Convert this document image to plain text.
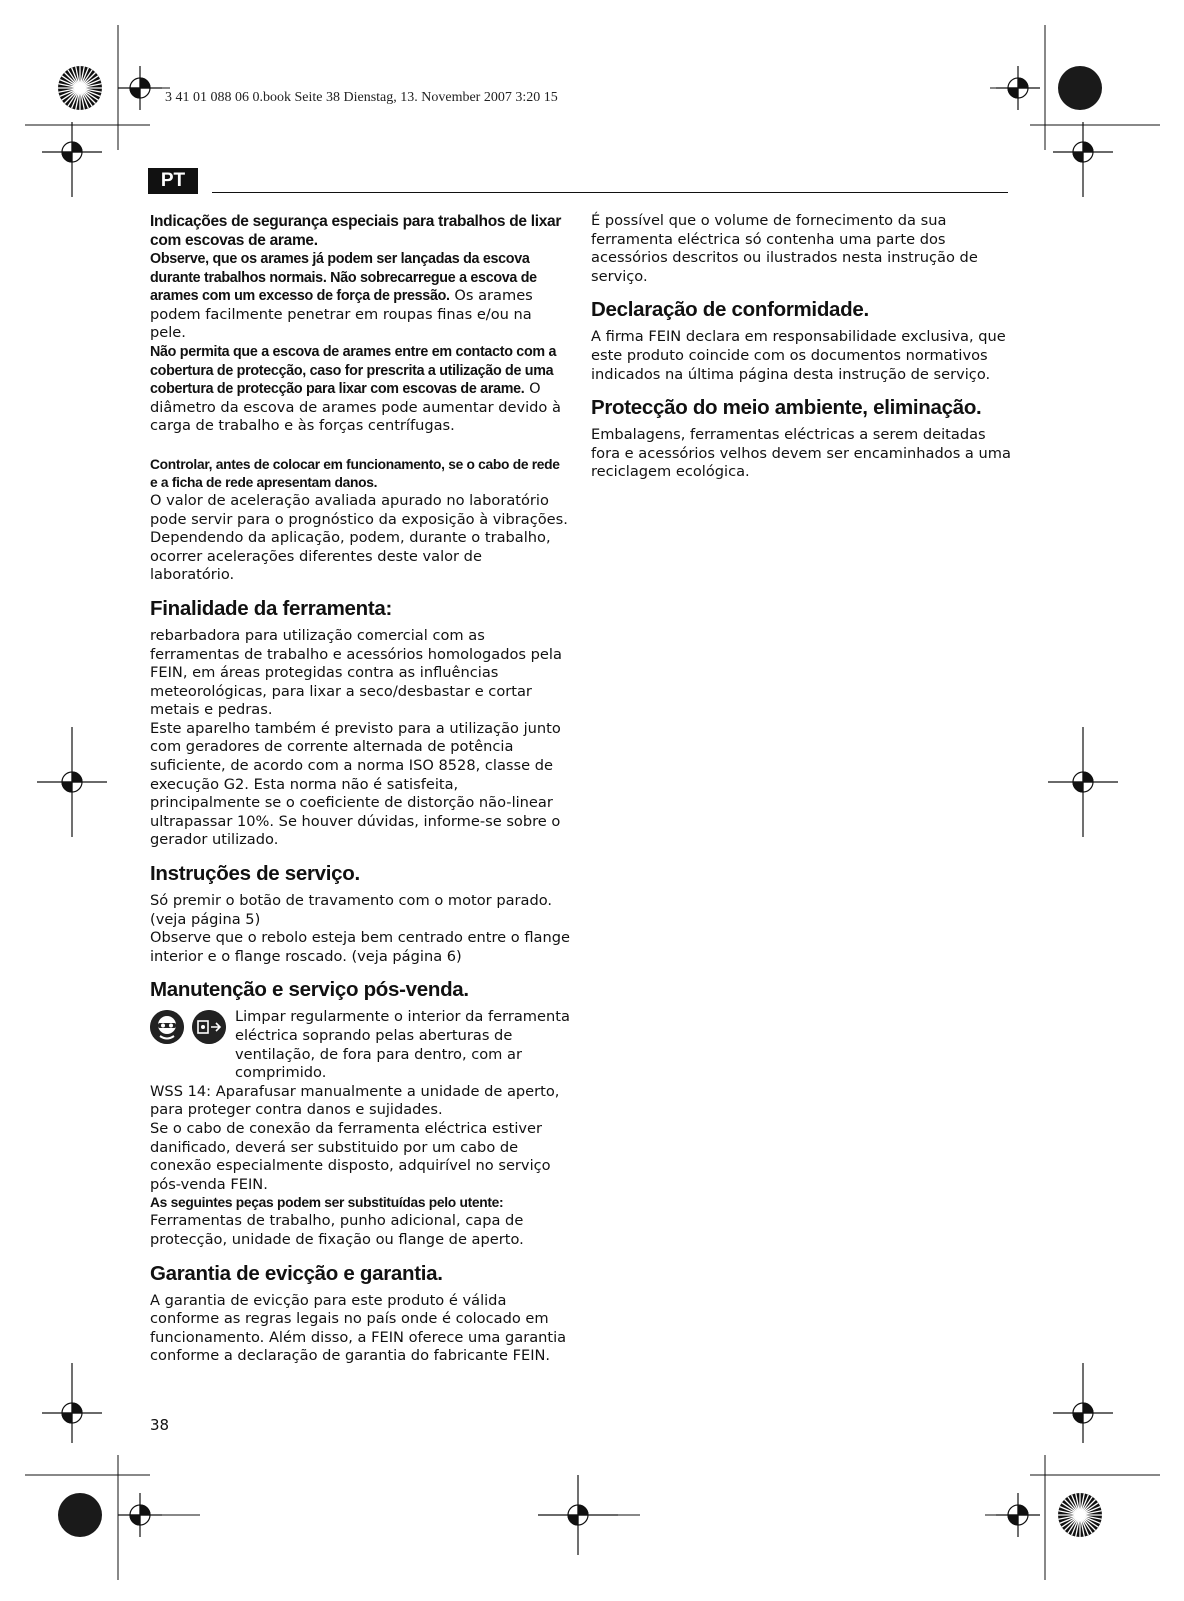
3 41 01 088 06 0.book Seite 38 Dienstag, 13. November 2007 3:20 15
PT

Indicações de segurança especiais para trabalhos de lixar com escovas de arame.

Observe, que os arames já podem ser lançadas da escova durante trabalhos normais. Não sobrecarregue a escova de arames com um excesso de força de pressão. Os arames podem facilmente penetrar em roupas finas e/ou na pele.

Não permita que a escova de arames entre em contacto com a cobertura de protecção, caso for prescrita a utilização de uma cobertura de protecção para lixar com escovas de arame. O diâmetro da escova de arames pode aumentar devido à carga de trabalho e às forças centrífugas.

Controlar, antes de colocar em funcionamento, se o cabo de rede e a ficha de rede apresentam danos.

O valor de aceleração avaliada apurado no laboratório pode servir para o prognóstico da exposição à vibrações. Dependendo da aplicação, podem, durante o trabalho, ocorrer acelerações diferentes deste valor de laboratório.

Finalidade da ferramenta:

rebarbadora para utilização comercial com as ferramentas de trabalho e acessórios homologados pela FEIN, em áreas protegidas contra as influências meteorológicas, para lixar a seco/desbastar e cortar metais e pedras.

Este aparelho também é previsto para a utilização junto com geradores de corrente alternada de potência suficiente, de acordo com a norma ISO 8528, classe de execução G2. Esta norma não é satisfeita, principalmente se o coeficiente de distorção não-linear ultrapassar 10%. Se houver dúvidas, informe-se sobre o gerador utilizado.

Instruções de serviço.

Só premir o botão de travamento com o motor parado. (veja página 5)

Observe que o rebolo esteja bem centrado entre o flange interior e o flange roscado. (veja página 6)

Manutenção e serviço pós-venda.

Limpar regularmente o interior da ferramenta eléctrica soprando pelas aberturas de ventilação, de fora para dentro, com ar comprimido.

WSS 14: Aparafusar manualmente a unidade de aperto, para proteger contra danos e sujidades.

Se o cabo de conexão da ferramenta eléctrica estiver danificado, deverá ser substituido por um cabo de conexão especialmente disposto, adquirível no serviço pós-venda FEIN.

As seguintes peças podem ser substituídas pelo utente:

Ferramentas de trabalho, punho adicional, capa de protecção, unidade de fixação ou flange de aperto.

Garantia de evicção e garantia.

A garantia de evicção para este produto é válida conforme as regras legais no país onde é colocado em funcionamento. Além disso, a FEIN oferece uma garantia conforme a declaração de garantia do fabricante FEIN.

É possível que o volume de fornecimento da sua ferramenta eléctrica só contenha uma parte dos acessórios descritos ou ilustrados nesta instrução de serviço.

Declaração de conformidade.

A firma FEIN declara em responsabilidade exclusiva, que este produto coincide com os documentos normativos indicados na última página desta instrução de serviço.

Protecção do meio ambiente, eliminação.

Embalagens, ferramentas eléctricas a serem deitadas fora e acessórios velhos devem ser encaminhados a uma reciclagem ecológica.

38
